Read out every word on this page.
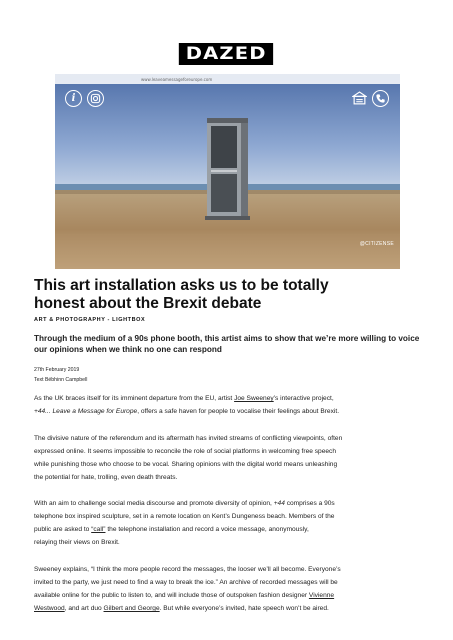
DAZED
www.leaveamessageforeurope.com
i
@CITIZENSE
This art installation asks us to be totally honest about the Brexit debate
ART & PHOTOGRAPHY - LIGHTBOX
Through the medium of a 90s phone booth, this artist aims to show that we’re more willing to voice our opinions when we think no one can respond
27th February 2019
Text Bébhinn Campbell
As the UK braces itself for its imminent departure from the EU, artist Joe Sweeney’s interactive project,
+44... Leave a Message for Europe, offers a safe haven for people to vocalise their feelings about Brexit.
The divisive nature of the referendum and its aftermath has invited streams of conflicting viewpoints, often
expressed online. It seems impossible to reconcile the role of social platforms in welcoming free speech
while punishing those who choose to be vocal. Sharing opinions with the digital world means unleashing
the potential for hate, trolling, even death threats.
With an aim to challenge social media discourse and promote diversity of opinion, +44 comprises a 90s
telephone box inspired sculpture, set in a remote location on Kent’s Dungeness beach. Members of the
public are asked to “call” the telephone installation and record a voice message, anonymously,
relaying their views on Brexit.
Sweeney explains, “I think the more people record the messages, the looser we’ll all become. Everyone’s
invited to the party, we just need to find a way to break the ice.” An archive of recorded messages will be
available online for the public to listen to, and will include those of outspoken fashion designer Vivienne
Westwood, and art duo Gilbert and George. But while everyone’s invited, hate speech won’t be aired.
